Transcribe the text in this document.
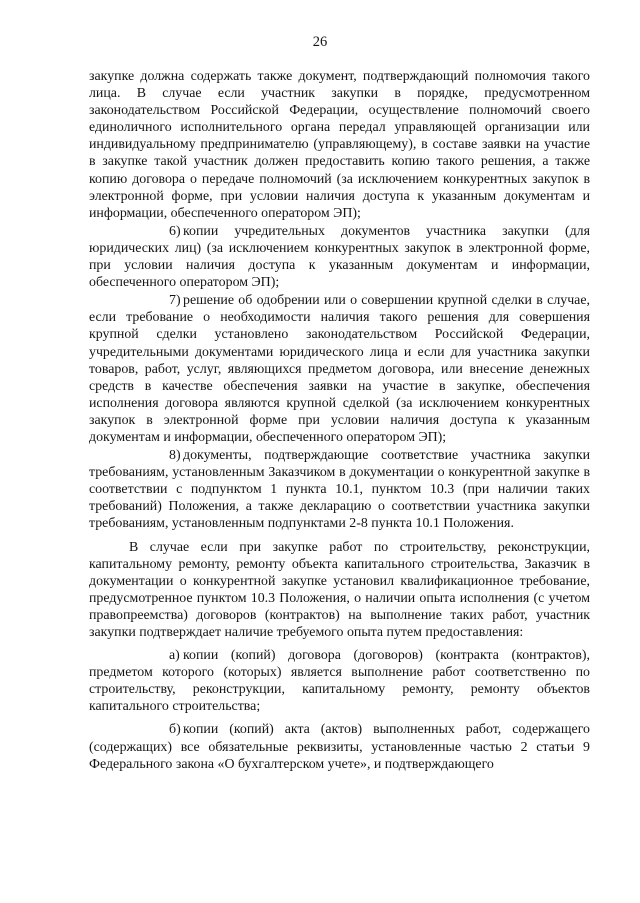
26

закупке должна содержать также документ, подтверждающий полномочия такого лица. В случае если участник закупки в порядке, предусмотренном законодательством Российской Федерации, осуществление полномочий своего единоличного исполнительного органа передал управляющей организации или индивидуальному предпринимателю (управляющему), в составе заявки на участие в закупке такой участник должен предоставить копию такого решения, а также копию договора о передаче полномочий (за исключением конкурентных закупок в электронной форме, при условии наличия доступа к указанным документам и информации, обеспеченного оператором ЭП);

6) копии учредительных документов участника закупки (для юридических лиц) (за исключением конкурентных закупок в электронной форме, при условии наличия доступа к указанным документам и информации, обеспеченного оператором ЭП);

7) решение об одобрении или о совершении крупной сделки в случае, если требование о необходимости наличия такого решения для совершения крупной сделки установлено законодательством Российской Федерации, учредительными документами юридического лица и если для участника закупки товаров, работ, услуг, являющихся предметом договора, или внесение денежных средств в качестве обеспечения заявки на участие в закупке, обеспечения исполнения договора являются крупной сделкой (за исключением конкурентных закупок в электронной форме при условии наличия доступа к указанным документам и информации, обеспеченного оператором ЭП);

8) документы, подтверждающие соответствие участника закупки требованиям, установленным Заказчиком в документации о конкурентной закупке в соответствии с подпунктом 1 пункта 10.1, пунктом 10.3 (при наличии таких требований) Положения, а также декларацию о соответствии участника закупки требованиям, установленным подпунктами 2-8 пункта 10.1 Положения.

В случае если при закупке работ по строительству, реконструкции, капитальному ремонту, ремонту объекта капитального строительства, Заказчик в документации о конкурентной закупке установил квалификационное требование, предусмотренное пунктом 10.3 Положения, о наличии опыта исполнения (с учетом правопреемства) договоров (контрактов) на выполнение таких работ, участник закупки подтверждает наличие требуемого опыта путем предоставления:

а) копии (копий) договора (договоров) (контракта (контрактов), предметом которого (которых) является выполнение работ соответственно по строительству, реконструкции, капитальному ремонту, ремонту объектов капитального строительства;

б) копии (копий) акта (актов) выполненных работ, содержащего (содержащих) все обязательные реквизиты, установленные частью 2 статьи 9 Федерального закона «О бухгалтерском учете», и подтверждающего
